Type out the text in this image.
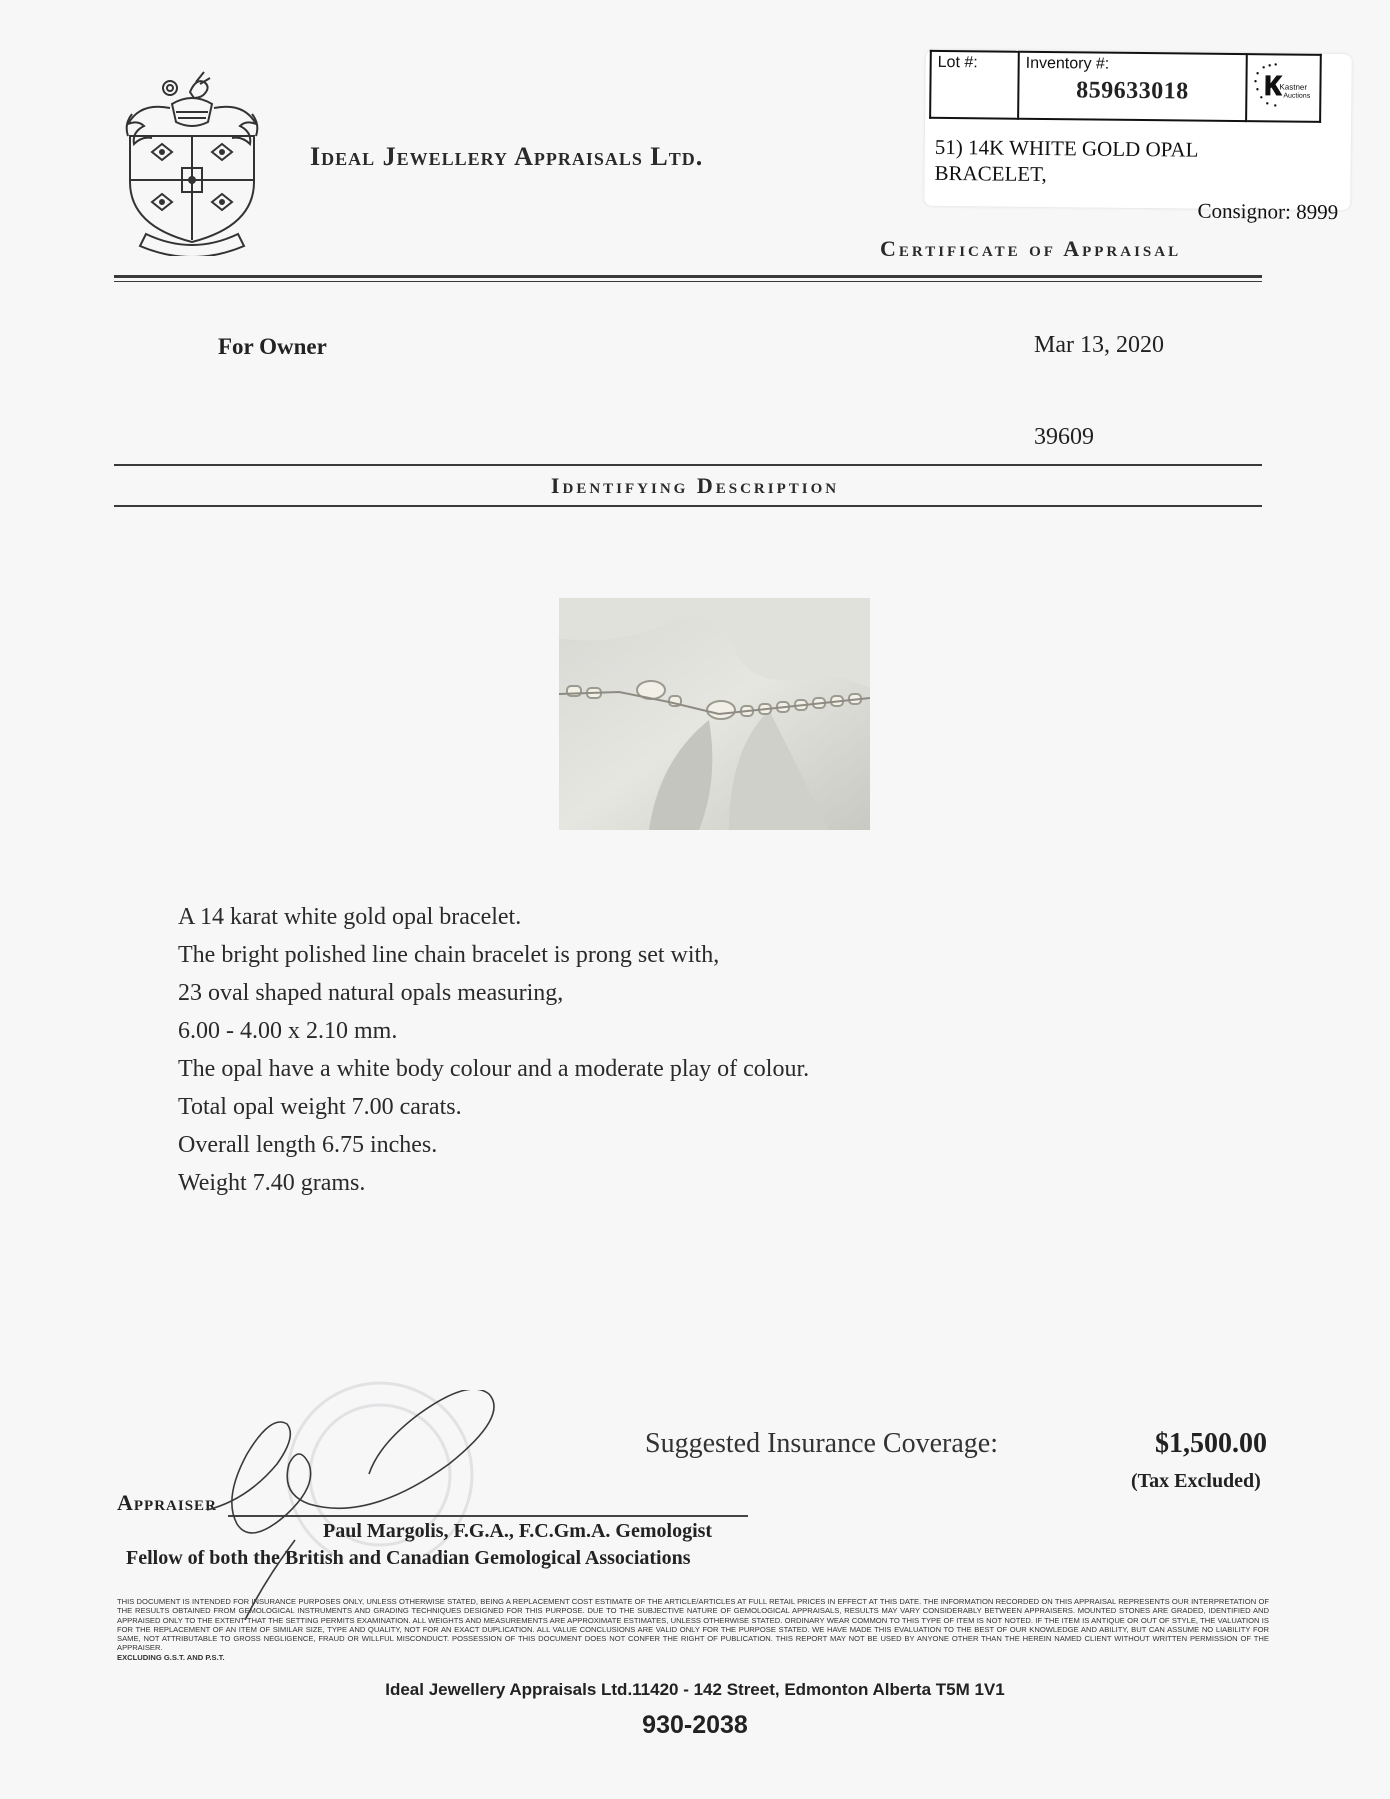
Ideal Jewellery Appraisals Ltd.
Lot #:	Inventory #:
859633018	Kastner
Auctions
51) 14K WHITE GOLD OPAL BRACELET,
Consignor: 8999
Certificate of Appraisal
For Owner	Mar 13, 2020
39609
Identifying Description
A 14 karat white gold opal bracelet.
The bright polished line chain bracelet is prong set with,
23 oval shaped natural opals measuring,
6.00 - 4.00 x 2.10 mm.
The opal have a white body colour and a moderate play of colour.
Total opal weight 7.00 carats.
Overall length 6.75 inches.
Weight 7.40 grams.
Suggested Insurance Coverage:	$1,500.00
(Tax Excluded)
Appraiser
Paul Margolis, F.G.A., F.C.Gm.A. Gemologist
Fellow of both the British and Canadian Gemological Associations
THIS DOCUMENT IS INTENDED FOR INSURANCE PURPOSES ONLY, UNLESS OTHERWISE STATED, BEING A REPLACEMENT COST ESTIMATE OF THE ARTICLE/ARTICLES AT FULL RETAIL PRICES IN EFFECT AT THIS DATE. THE INFORMATION RECORDED ON THIS APPRAISAL REPRESENTS OUR INTERPRETATION OF THE RESULTS OBTAINED FROM GEMOLOGICAL INSTRUMENTS AND GRADING TECHNIQUES DESIGNED FOR THIS PURPOSE. DUE TO THE SUBJECTIVE NATURE OF GEMOLOGICAL APPRAISALS, RESULTS MAY VARY CONSIDERABLY BETWEEN APPRAISERS. MOUNTED STONES ARE GRADED, IDENTIFIED AND APPRAISED ONLY TO THE EXTENT THAT THE SETTING PERMITS EXAMINATION. ALL WEIGHTS AND MEASUREMENTS ARE APPROXIMATE ESTIMATES, UNLESS OTHERWISE STATED. ORDINARY WEAR COMMON TO THIS TYPE OF ITEM IS NOT NOTED. IF THE ITEM IS ANTIQUE OR OUT OF STYLE, THE VALUATION IS FOR THE REPLACEMENT OF AN ITEM OF SIMILAR SIZE, TYPE AND QUALITY, NOT FOR AN EXACT DUPLICATION. ALL VALUE CONCLUSIONS ARE VALID ONLY FOR THE PURPOSE STATED. WE HAVE MADE THIS EVALUATION TO THE BEST OF OUR KNOWLEDGE AND ABILITY, BUT CAN ASSUME NO LIABILITY FOR SAME, NOT ATTRIBUTABLE TO GROSS NEGLIGENCE, FRAUD OR WILLFUL MISCONDUCT. POSSESSION OF THIS DOCUMENT DOES NOT CONFER THE RIGHT OF PUBLICATION. THIS REPORT MAY NOT BE USED BY ANYONE OTHER THAN THE HEREIN NAMED CLIENT WITHOUT WRITTEN PERMISSION OF THE APPRAISER.
EXCLUDING G.S.T. AND P.S.T.
Ideal Jewellery Appraisals Ltd.11420 - 142 Street, Edmonton Alberta T5M 1V1
930-2038
